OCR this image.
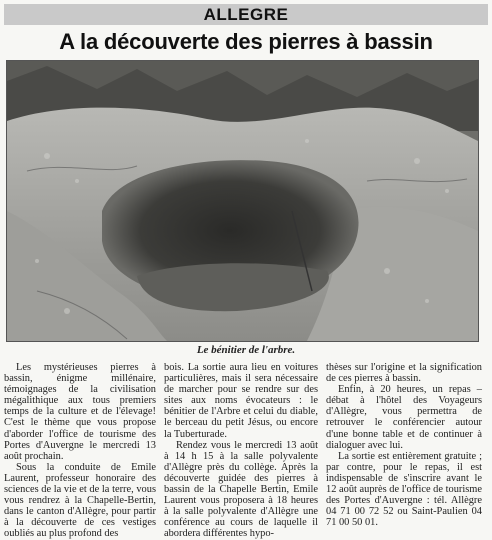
ALLEGRE
A la découverte des pierres à bassin
Le bénitier de l'arbre.

Les mystérieuses pierres à bassin, énigme millénaire, témoignages de la civilisation mégalithique aux tous premiers temps de la culture et de l'élevage! C'est le thème que vous propose d'aborder l'office de tourisme des Portes d'Auvergne le mercredi 13 août prochain.

Sous la conduite de Emile Laurent, professeur honoraire des sciences de la vie et de la terre, vous vous rendrez à la Chapelle-Bertin, dans le canton d'Allègre, pour partir à la découverte de ces vestiges oubliés au plus profond des

bois. La sortie aura lieu en voitures particulières, mais il sera nécessaire de marcher pour se rendre sur des sites aux noms évocateurs : le bénitier de l'Arbre et celui du diable, le berceau du petit Jésus, ou encore la Tuberturade.

Rendez vous le mercredi 13 août à 14 h 15 à la salle polyvalente d'Allègre près du collège. Après la découverte guidée des pierres à bassin de la Chapelle Bertin, Emile Laurent vous proposera à 18 heures à la salle polyvalente d'Allègre une conférence au cours de laquelle il abordera différentes hypo-

thèses sur l'origine et la signification de ces pierres à bassin.

Enfin, à 20 heures, un repas – débat à l'hôtel des Voyageurs d'Allègre, vous permettra de retrouver le conférencier autour d'une bonne table et de continuer à dialoguer avec lui.

La sortie est entièrement gratuite ; par contre, pour le repas, il est indispensable de s'inscrire avant le 12 août auprès de l'office de tourisme des Portes d'Auvergne : tél. Allègre 04 71 00 72 52 ou Saint-Paulien 04 71 00 50 01.
